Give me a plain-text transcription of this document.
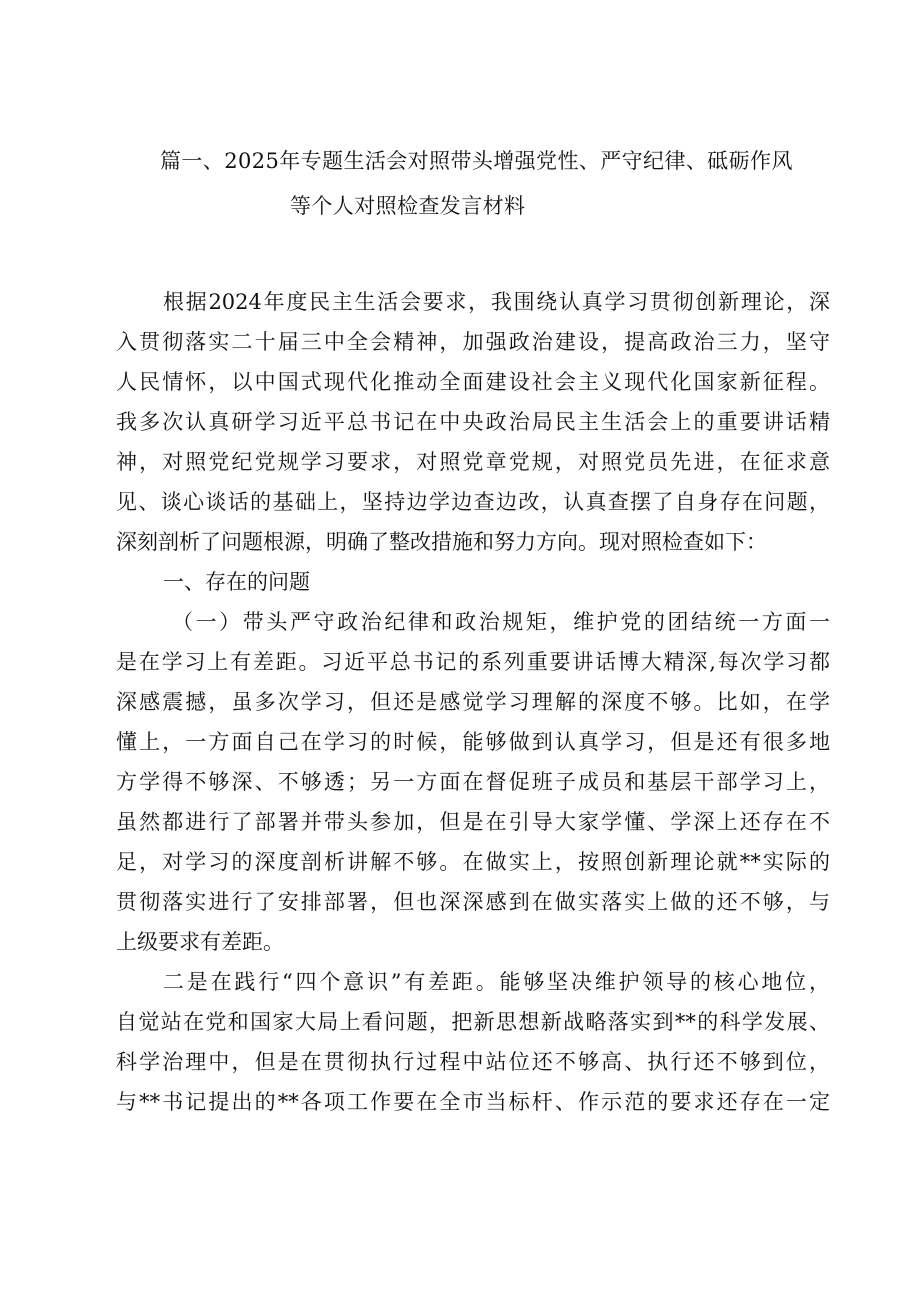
篇一、2025年专题生活会对照带头增强党性、严守纪律、砥砺作风
等个人对照检查发言材料
根据2024年度民主生活会要求，我围绕认真学习贯彻创新理论，深
入贯彻落实二十届三中全会精神，加强政治建设，提高政治三力，坚守
人民情怀，以中国式现代化推动全面建设社会主义现代化国家新征程。
我多次认真研学习近平总书记在中央政治局民主生活会上的重要讲话精
神，对照党纪党规学习要求，对照党章党规，对照党员先进，在征求意
见、谈心谈话的基础上，坚持边学边查边改，认真查摆了自身存在问题，
深刻剖析了问题根源，明确了整改措施和努力方向。现对照检查如下：
一、存在的问题
（一）带头严守政治纪律和政治规矩，维护党的团结统一方面一
是在学习上有差距。习近平总书记的系列重要讲话博大精深,每次学习都
深感震撼，虽多次学习，但还是感觉学习理解的深度不够。比如，在学
懂上，一方面自己在学习的时候，能够做到认真学习，但是还有很多地
方学得不够深、不够透；另一方面在督促班子成员和基层干部学习上，
虽然都进行了部署并带头参加，但是在引导大家学懂、学深上还存在不
足，对学习的深度剖析讲解不够。在做实上，按照创新理论就**实际的
贯彻落实进行了安排部署，但也深深感到在做实落实上做的还不够，与
上级要求有差距。
二是在践行“四个意识”有差距。能够坚决维护领导的核心地位，
自觉站在党和国家大局上看问题，把新思想新战略落实到**的科学发展、
科学治理中，但是在贯彻执行过程中站位还不够高、执行还不够到位，
与**书记提出的**各项工作要在全市当标杆、作示范的要求还存在一定
